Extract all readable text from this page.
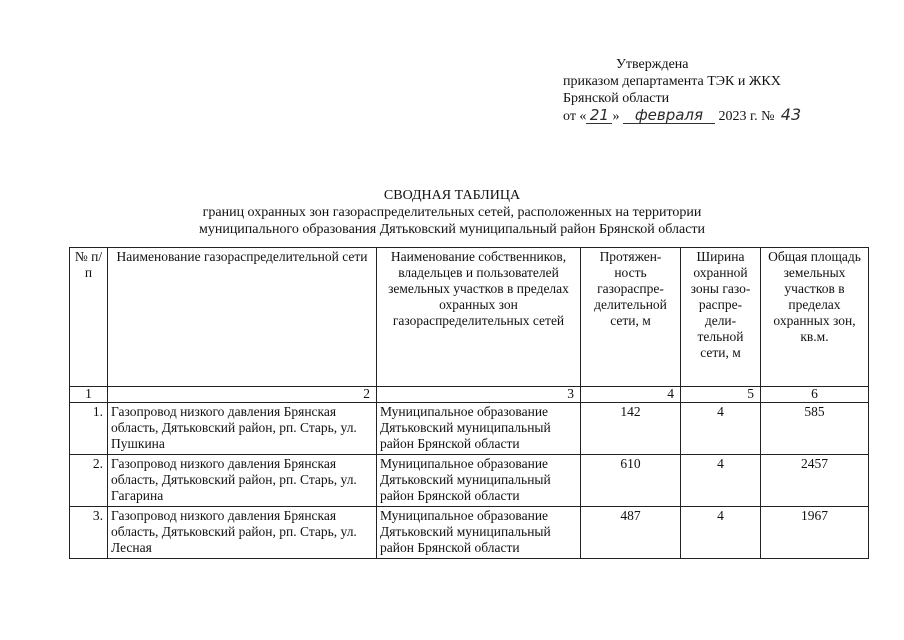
Утверждена
приказом департамента ТЭК и ЖКХ
Брянской области
от « 21 » февраля 2023 г. № 43
СВОДНАЯ ТАБЛИЦА
границ охранных зон газораспределительных сетей, расположенных на территории
муниципального образования Дятьковский муниципальный район Брянской области
№ п/п	Наименование газораспределительной сети	Наименование собственников, владельцев и пользователей земельных участков в пределах охранных зон газораспределительных сетей	Протяжен-ность газораспре-делительной сети, м	Ширина охранной зоны газо-распре-дели-тельной сети, м	Общая площадь земельных участков в пределах охранных зон, кв.м.
1	2	3	4	5	6
1.	Газопровод низкого давления Брянская область, Дятьковский район, рп. Старь, ул. Пушкина	Муниципальное образование Дятьковский муниципальный район Брянской области	142	4	585
2.	Газопровод низкого давления Брянская область, Дятьковский район, рп. Старь, ул. Гагарина	Муниципальное образование Дятьковский муниципальный район Брянской области	610	4	2457
3.	Газопровод низкого давления Брянская область, Дятьковский район, рп. Старь, ул. Лесная	Муниципальное образование Дятьковский муниципальный район Брянской области	487	4	1967
